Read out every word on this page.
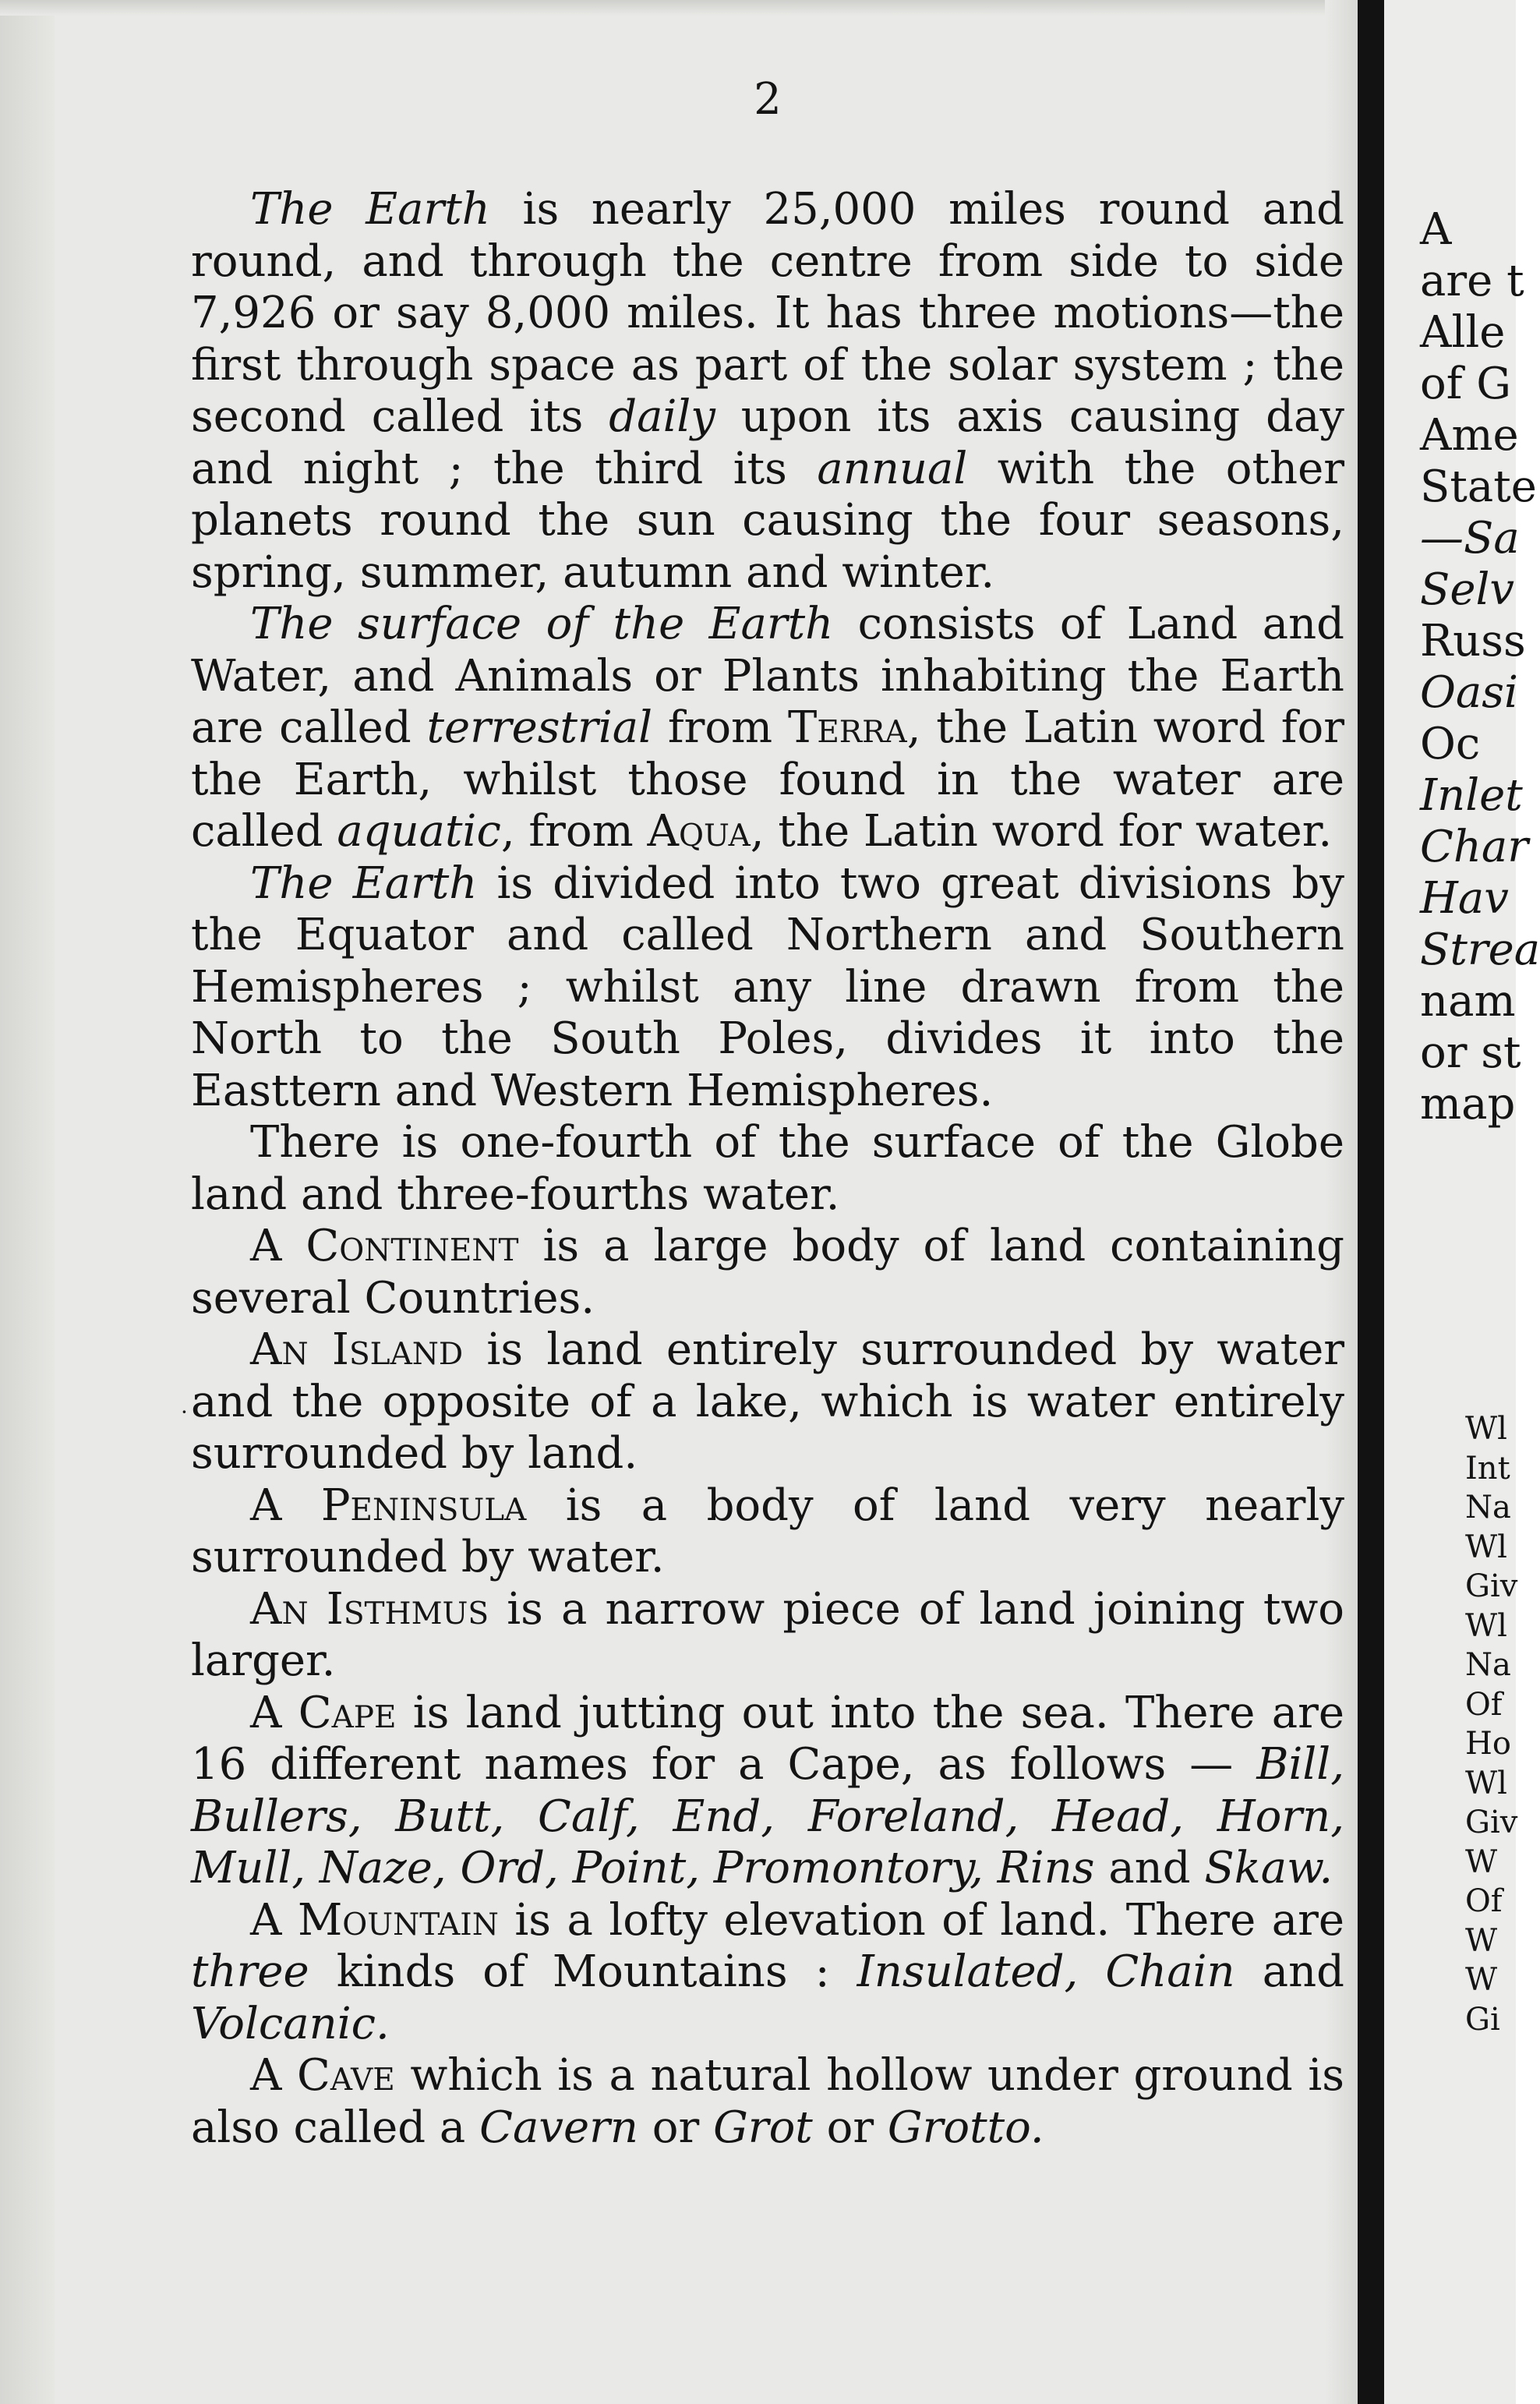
2
·

The Earth is nearly 25,000 miles round and round, and through the centre from side to side 7,926 or say 8,000 miles. It has three motions—the first through space as part of the solar system ; the second called its daily upon its axis causing day and night ; the third its annual with the other planets round the sun causing the four seasons, spring, summer, autumn and winter.

The surface of the Earth consists of Land and Water, and Animals or Plants inhabiting the Earth are called terrestrial from Terra, the Latin word for the Earth, whilst those found in the water are called aquatic, from Aqua, the Latin word for water.

The Earth is divided into two great divisions by the Equator and called Northern and Southern Hemispheres ; whilst any line drawn from the North to the South Poles, divides it into the Easttern and Western Hemispheres.

There is one-fourth of the surface of the Globe land and three-fourths water.

A Continent is a large body of land containing several Countries.

An Island is land entirely surrounded by water and the opposite of a lake, which is water entirely surrounded by land.

A Peninsula is a body of land very nearly surrounded by water.

An Isthmus is a narrow piece of land joining two larger.

A Cape is land jutting out into the sea. There are 16 different names for a Cape, as follows — Bill, Bullers, Butt, Calf, End, Foreland, Head, Horn, Mull, Naze, Ord, Point, Promontory, Rins and Skaw.

A Mountain is a lofty elevation of land. There are three kinds of Mountains : Insulated, Chain and Volcanic.

A Cave which is a natural hollow under ground is also called a Cavern or Grot or Grotto.

A
are t
Alle
of G
Ame
State
—Sa
Selv
Russ
Oasi
Oc
Inlet
Char
Hav
Strea
nam
or st
map
Wl
Int
Na
Wl
Giv
Wl
Na
Of
Ho
Wl
Giv
W
Of
W
W
Gi
